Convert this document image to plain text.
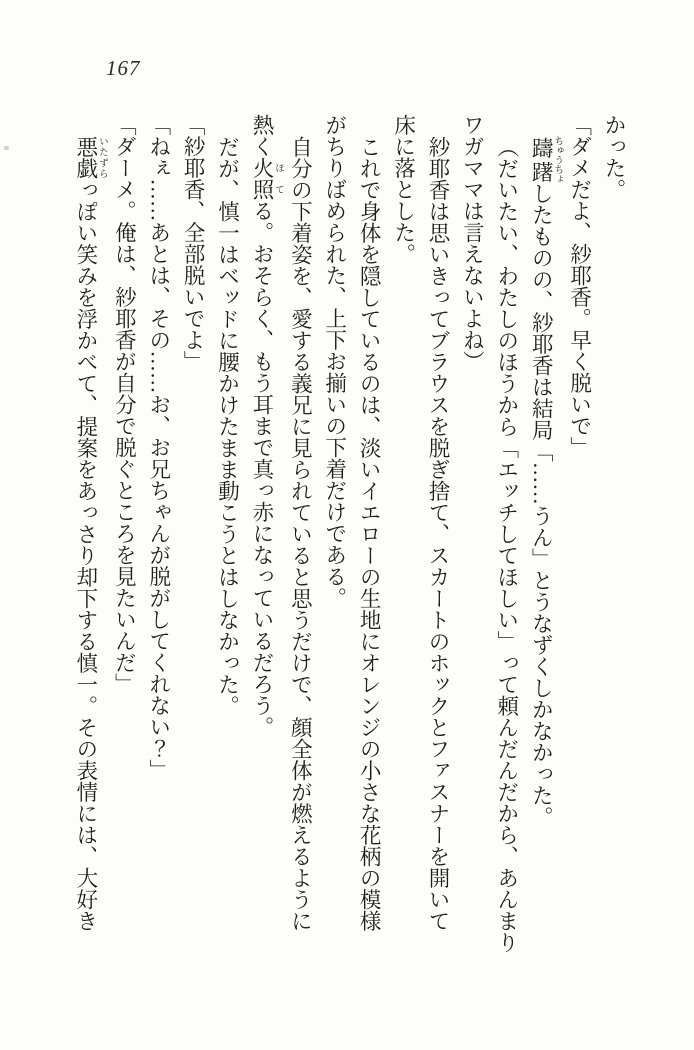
167

かった。

「ダメだよ、紗耶香。早く脱いで」

躊躇 ちゅうちょしたものの、紗耶香は結局「……うん」とうなずくしかなかった。

（だいたい、わたしのほうから「エッチしてほしい」って頼んだんだから、あんまり

ワガママは言えないよね）

紗耶香は思いきってブラウスを脱ぎ捨て、スカートのホックとファスナーを開いて

床に落とした。

これで身体を隠しているのは、淡いイエローの生地にオレンジの小さな花柄の模様

がちりばめられた、上下お揃いの下着だけである。

自分の下着姿を、愛する義兄に見られていると思うだけで、顔全体が燃えるように

熱く火照 ほてる。おそらく、もう耳まで真っ赤になっているだろう。

だが、慎一はベッドに腰かけたまま動こうとはしなかった。

「紗耶香、全部脱いでよ」

「ねぇ……あとは、その……お、お兄ちゃんが脱がしてくれない？」

「ダーメ。俺は、紗耶香が自分で脱ぐところを見たいんだ」

悪戯 いたずらっぽい笑みを浮かべて、提案をあっさり却下する慎一。その表情には、大好き
